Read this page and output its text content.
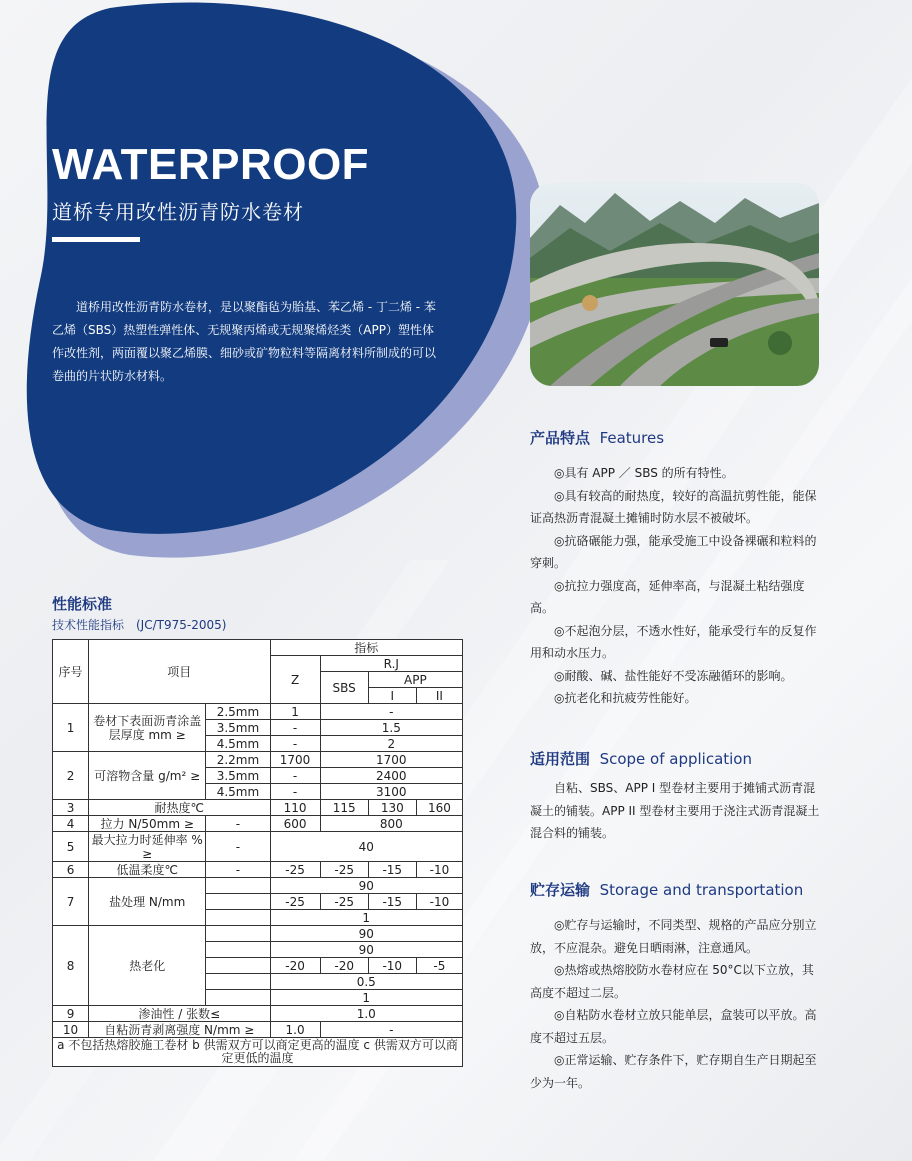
WATERPROOF
道桥专用改性沥青防水卷材

道桥用改性沥青防水卷材，是以聚酯毡为胎基、苯乙烯 - 丁二烯 - 苯乙烯（SBS）热塑性弹性体、无规聚丙烯或无规聚烯烃类（APP）塑性体作改性剂，两面覆以聚乙烯膜、细砂或矿物粒料等隔离材料所制成的可以卷曲的片状防水材料。

产品特点 Features

◎具有 APP ／ SBS 的所有特性。

◎具有较高的耐热度，较好的高温抗剪性能，能保证高热沥青混凝土摊铺时防水层不被破坏。

◎抗硌碾能力强，能承受施工中设备裸碾和粒料的穿刺。

◎抗拉力强度高，延伸率高，与混凝土粘结强度高。

◎不起泡分层，不透水性好，能承受行车的反复作用和动水压力。

◎耐酸、碱、盐性能好不受冻融循环的影响。

◎抗老化和抗疲劳性能好。

适用范围 Scope of application

自粘、SBS、APP I 型卷材主要用于摊铺式沥青混凝土的铺装。APP II 型卷材主要用于浇注式沥青混凝土混合料的铺装。

贮存运输 Storage and transportation

◎贮存与运输时，不同类型、规格的产品应分别立放，不应混杂。避免日晒雨淋，注意通风。

◎热熔或热熔胶防水卷材应在 50°C以下立放，其高度不超过二层。

◎自粘防水卷材立放只能单层，盒装可以平放。高度不超过五层。

◎正常运输、贮存条件下，贮存期自生产日期起至少为一年。

性能标准
技术性能指标　(JC/T975-2005)
序号	项目		指标			
			Z	R.J		
				SBS	APP	
					I	II
1	卷材下表面沥青涂盖层厚度 mm ≥	2.5mm	1	-		
		3.5mm	-	1.5		
		4.5mm	-	2		
2	可溶物含量 g/m² ≥	2.2mm	1700	1700		
		3.5mm	-	2400		
		4.5mm	-	3100		
3	耐热度℃		110	115	130	160
4	拉力 N/50mm ≥	-	600	800		
5	最大拉力时延伸率 % ≥	-	40			
6	低温柔度℃	-	-25	-25	-15	-10
7	盐处理 N/mm		90			
			-25	-25	-15	-10
			1			
8	热老化		90			
			90			
			-20	-20	-10	-5
			0.5			
			1			
9	渗油性 / 张数≤		1.0			
10	自粘沥青剥离强度 N/mm ≥		1.0	-		
a 不包括热熔胶施工卷材 b 供需双方可以商定更高的温度 c 供需双方可以商定更低的温度						
